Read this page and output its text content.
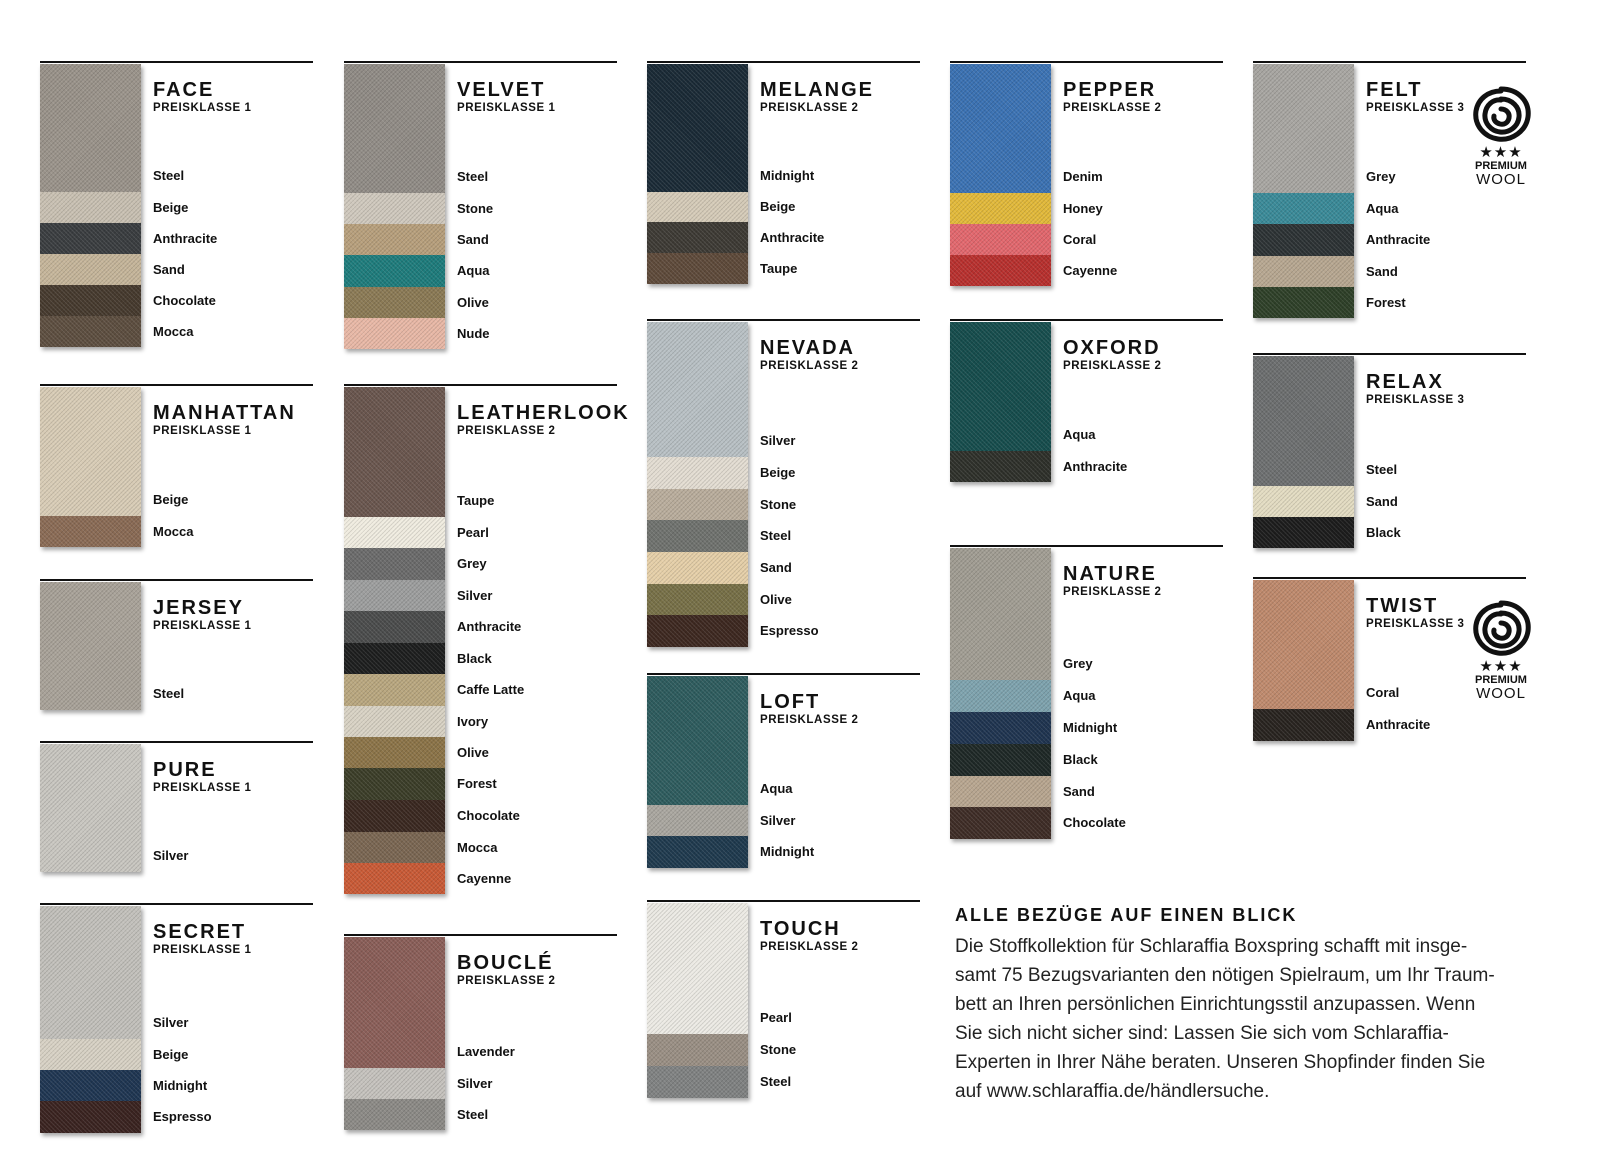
FACE
PREISKLASSE 1
Steel
Beige
Anthracite
Sand
Chocolate
Mocca
MANHATTAN
PREISKLASSE 1
Beige
Mocca
JERSEY
PREISKLASSE 1
Steel
PURE
PREISKLASSE 1
Silver
SECRET
PREISKLASSE 1
Silver
Beige
Midnight
Espresso
VELVET
PREISKLASSE 1
Steel
Stone
Sand
Aqua
Olive
Nude
LEATHERLOOK
PREISKLASSE 2
Taupe
Pearl
Grey
Silver
Anthracite
Black
Caffe Latte
Ivory
Olive
Forest
Chocolate
Mocca
Cayenne
BOUCLÉ
PREISKLASSE 2
Lavender
Silver
Steel
MELANGE
PREISKLASSE 2
Midnight
Beige
Anthracite
Taupe
NEVADA
PREISKLASSE 2
Silver
Beige
Stone
Steel
Sand
Olive
Espresso
LOFT
PREISKLASSE 2
Aqua
Silver
Midnight
TOUCH
PREISKLASSE 2
Pearl
Stone
Steel
PEPPER
PREISKLASSE 2
Denim
Honey
Coral
Cayenne
OXFORD
PREISKLASSE 2
Aqua
Anthracite
NATURE
PREISKLASSE 2
Grey
Aqua
Midnight
Black
Sand
Chocolate
FELT
PREISKLASSE 3
Grey
Aqua
Anthracite
Sand
Forest
★★★
PREMIUM
WOOL
RELAX
PREISKLASSE 3
Steel
Sand
Black
TWIST
PREISKLASSE 3
Coral
Anthracite
★★★
PREMIUM
WOOL
ALLE BEZÜGE AUF EINEN BLICK

Die Stoffkollektion für Schlaraffia Boxspring schafft mit insge-
samt 75 Bezugsvarianten den nötigen Spielraum, um Ihr Traum-
bett an Ihren persönlichen Einrichtungsstil anzupassen. Wenn
Sie sich nicht sicher sind: Lassen Sie sich vom Schlaraffia-
Experten in Ihrer Nähe beraten. Unseren Shopfinder finden Sie
auf www.schlaraffia.de/händlersuche.
